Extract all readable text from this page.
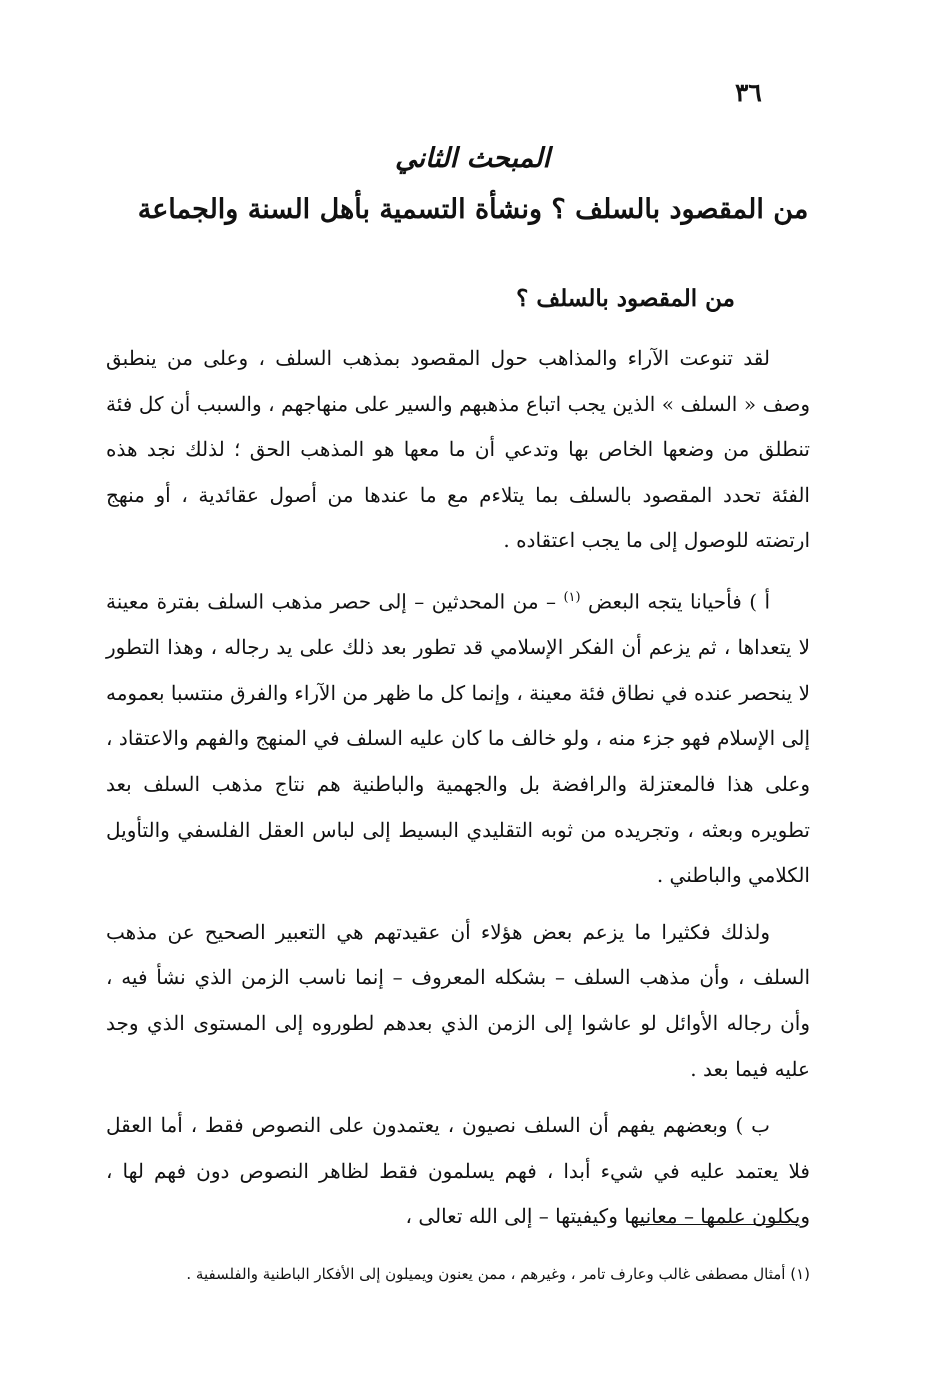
٣٦
المبحث الثاني
من المقصود بالسلف ؟ ونشأة التسمية بأهل السنة والجماعة
من المقصود بالسلف ؟

لقد تنوعت الآراء والمذاهب حول المقصود بمذهب السلف ، وعلى من ينطبق وصف « السلف » الذين يجب اتباع مذهبهم والسير على منهاجهم ، والسبب أن كل فئة تنطلق من وضعها الخاص بها وتدعي أن ما معها هو المذهب الحق ؛ لذلك نجد هذه الفئة تحدد المقصود بالسلف بما يتلاءم مع ما عندها من أصول عقائدية ، أو منهج ارتضته للوصول إلى ما يجب اعتقاده .

أ ) فأحيانا يتجه البعض $^{(١)}$ – من المحدثين – إلى حصر مذهب السلف بفترة معينة لا يتعداها ، ثم يزعم أن الفكر الإسلامي قد تطور بعد ذلك على يد رجاله ، وهذا التطور لا ينحصر عنده في نطاق فئة معينة ، وإنما كل ما ظهر من الآراء والفرق منتسبا بعمومه إلى الإسلام فهو جزء منه ، ولو خالف ما كان عليه السلف في المنهج والفهم والاعتقاد ، وعلى هذا فالمعتزلة والرافضة بل والجهمية والباطنية هم نتاج مذهب السلف بعد تطويره وبعثه ، وتجريده من ثوبه التقليدي البسيط إلى لباس العقل الفلسفي والتأويل الكلامي والباطني .

ولذلك فكثيرا ما يزعم بعض هؤلاء أن عقيدتهم هي التعبير الصحيح عن مذهب السلف ، وأن مذهب السلف – بشكله المعروف – إنما ناسب الزمن الذي نشأ فيه ، وأن رجاله الأوائل لو عاشوا إلى الزمن الذي بعدهم لطوروه إلى المستوى الذي وجد عليه فيما بعد .

ب ) وبعضهم يفهم أن السلف نصيون ، يعتمدون على النصوص فقط ، أما العقل فلا يعتمد عليه في شيء أبدا ، فهم يسلمون فقط لظاهر النصوص دون فهم لها ، ويكلون علمها – معانيها وكيفيتها – إلى الله تعالى ،

(١) أمثال مصطفى غالب وعارف تامر ، وغيرهم ، ممن يعنون ويميلون إلى الأفكار الباطنية والفلسفية .
